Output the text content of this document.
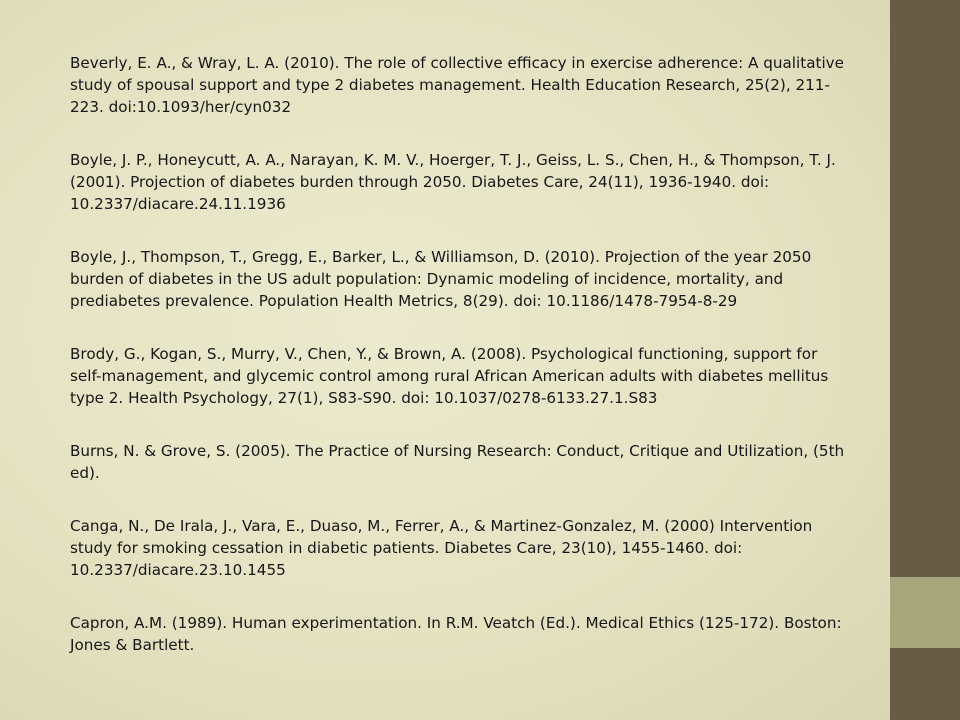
Beverly, E. A., & Wray, L. A. (2010). The role of collective efficacy in exercise adherence: A qualitative study of spousal support and type 2 diabetes management. Health Education Research, 25(2), 211-223. doi:10.1093/her/cyn032
Boyle, J. P., Honeycutt, A. A., Narayan, K. M. V., Hoerger, T. J., Geiss, L. S., Chen, H., & Thompson, T. J. (2001). Projection of diabetes burden through 2050. Diabetes Care, 24(11), 1936-1940. doi: 10.2337/diacare.24.11.1936
Boyle, J., Thompson, T., Gregg, E., Barker, L., & Williamson, D. (2010). Projection of the year 2050 burden of diabetes in the US adult population: Dynamic modeling of incidence, mortality, and prediabetes prevalence. Population Health Metrics, 8(29). doi: 10.1186/1478-7954-8-29
Brody, G., Kogan, S., Murry, V., Chen, Y., & Brown, A. (2008). Psychological functioning, support for self-management, and glycemic control among rural African American adults with diabetes mellitus type 2. Health Psychology, 27(1), S83-S90. doi: 10.1037/0278-6133.27.1.S83
Burns, N. & Grove, S. (2005). The Practice of Nursing Research: Conduct, Critique and Utilization, (5th ed).
Canga, N., De Irala, J., Vara, E., Duaso, M., Ferrer, A., & Martinez-Gonzalez, M. (2000) Intervention study for smoking cessation in diabetic patients. Diabetes Care, 23(10), 1455-1460. doi: 10.2337/diacare.23.10.1455
Capron, A.M. (1989). Human experimentation. In R.M. Veatch (Ed.). Medical Ethics (125-172). Boston: Jones & Bartlett.
